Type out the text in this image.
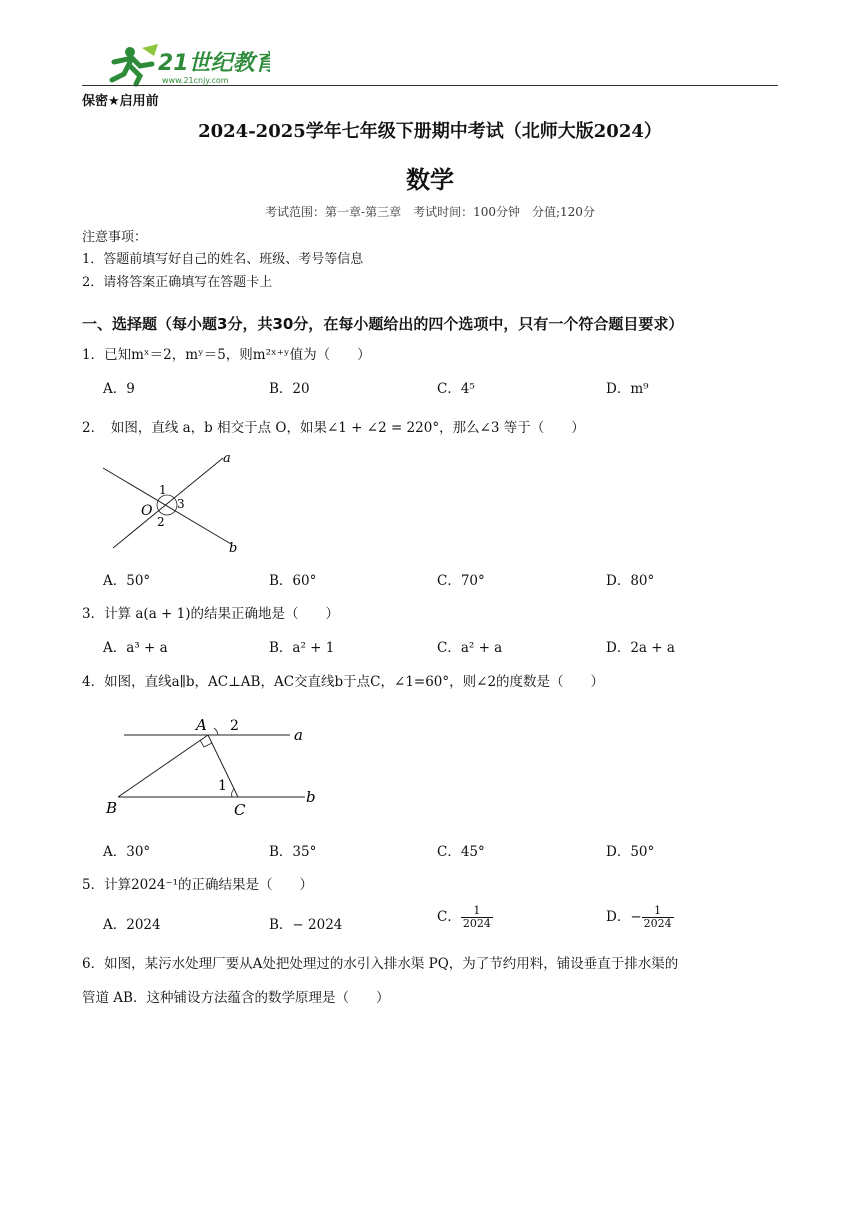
21世纪教育
www.21cnjy.com
保密★启用前
2024-2025学年七年级下册期中考试（北师大版2024）
数学
考试范围：第一章-第三章　考试时间：100分钟　分值;120分
注意事项：
1．答题前填写好自己的姓名、班级、考号等信息
2．请将答案正确填写在答题卡上
一、选择题（每小题3分，共30分，在每小题给出的四个选项中，只有一个符合题目要求）
1．已知mˣ＝2，mʸ＝5，则m²ˣ⁺ʸ值为（　　）
A．9	B．20	C．4⁵	D．m⁹
2．　如图，直线 a，b 相交于点 O，如果∠1 + ∠2 = 220°，那么∠3 等于（　　）
a
b
O
1
2
3
A．50°	B．60°	C．70°	D．80°
3．计算 a(a + 1)的结果正确地是（　　）
A．a³ + a	B．a² + 1	C．a² + a	D．2a + a
4．如图，直线a∥b，AC⊥AB，AC交直线b于点C，∠1=60°，则∠2的度数是（　　）
A
B	C
a
b
1
2
A．30°	B．35°	C．45°	D．50°
5．计算2024⁻¹的正确结果是（　　）
A．2024	B．− 2024	C． $\frac{1}{2024}$	D．− $\frac{1}{2024}$
6．如图，某污水处理厂要从A处把处理过的水引入排水渠 PQ，为了节约用料，铺设垂直于排水渠的
管道 AB．这种铺设方法蕴含的数学原理是（　　）
